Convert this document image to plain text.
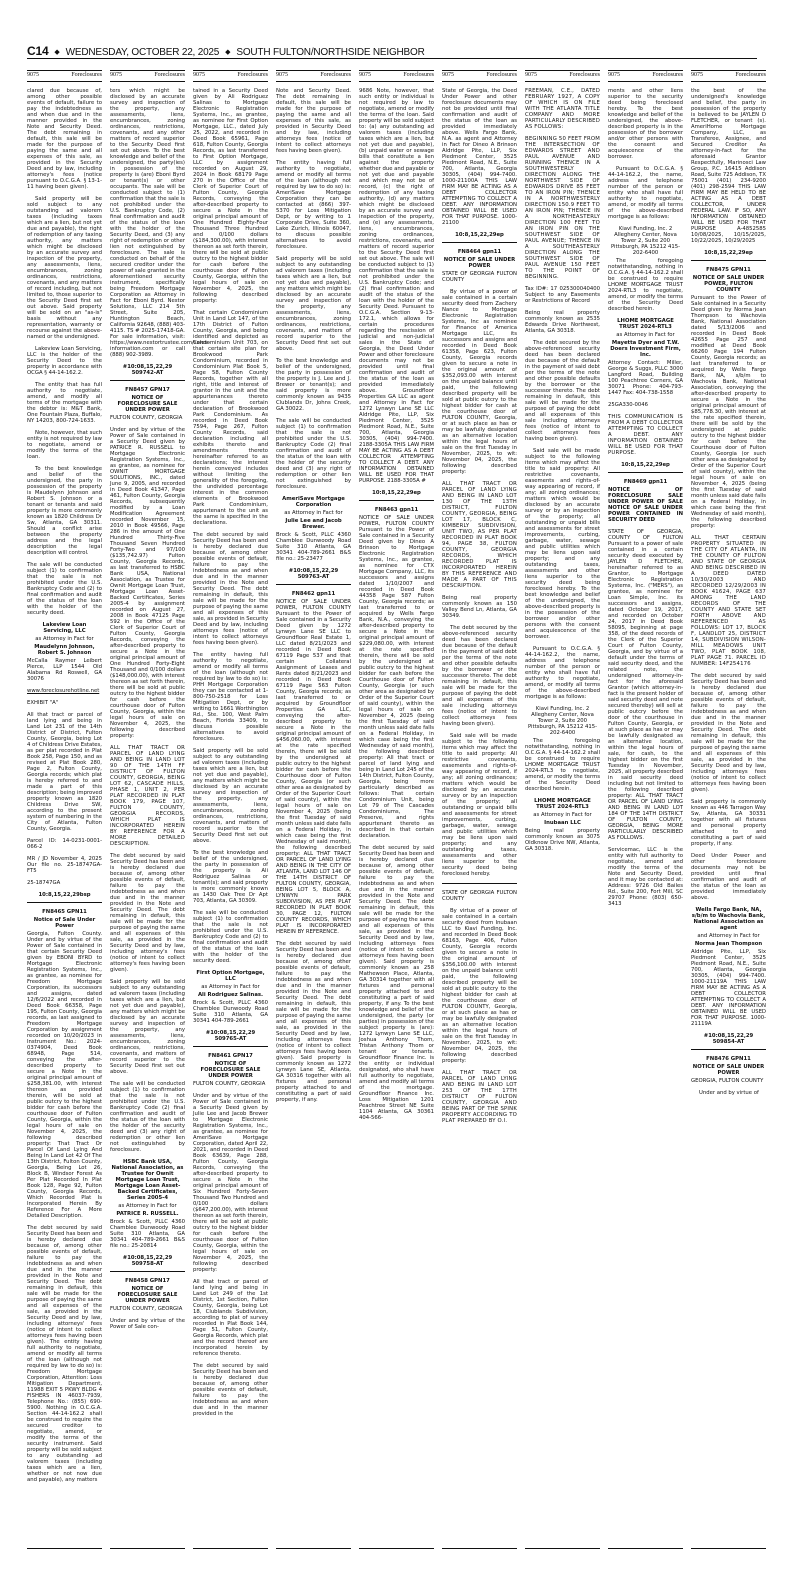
C14 ◆ WEDNESDAY, OCTOBER 22, 2025 ◆ SOUTH FULTON/NORTHSIDE NEIGHBOR
9075	Foreclosures
clared due because of, among other possible events of default, failure to pay the indebtedness as and when due and in the manner provided in the Note and Security Deed. The debt remaining in default, this sale will be made for the purpose of paying the same and all expenses of this sale, as provided in the Security Deed and by law, including attorney's fees (notice pursuant to O.C.G.A. § 13-1-11 having been given).
Said property will be sold subject to any outstanding ad valorem taxes (including taxes which are a lien, but not yet due and payable), the right of redemption of any taxing authority, any matters which might be disclosed by an accurate survey and inspection of the property, any assessments, liens, encumbrances, zoning ordinances, restrictions, covenants, and any matters of record including, but not limited to, those superior to the Security Deed first set out above. Said property will be sold on an "as-is" basis without any representation, warranty or recourse against the above-named or the undersigned.
Lakeview Loan Servicing, LLC is the holder of the Security Deed to the property in accordance with OCGA § 44-14-162.2.
The entity that has full authority to negotiate, amend, and modify all terms of the mortgage with the debtor is: M&T Bank, One Fountain Plaza, Buffalo, NY 14203, 800-724-1633.
Note, however, that such entity is not required by law to negotiate, amend or modify the terms of the loan.
To the best knowledge and belief of the undersigned, the party in possession of the property is Maudelynn Johnson and Robert S. Johnson or a tenant or tenants and said property is more commonly known as 1820 Childress Dr Sw, Atlanta, GA 30311. Should a conflict arise between the property address and the legal description the legal description will control.
The sale will be conducted subject (1) to confirmation that the sale is not prohibited under the U.S. Bankruptcy Code and (2) to final confirmation and audit of the status of the loan with the holder of the security deed.
Lakeview Loan Servicing, LLC
as Attorney in Fact for
Maudelynn Johnson, Robert S. Johnson
McCalla Raymer Leibert Pierce, LLP 1544 Old Alabama Rd Roswell, GA 30076
www.foreclosurehotline.net
EXHIBIT "A"
All that tract or parcel of land lying and being in Land Lot 231 of the 14th District of District, Fulton County, Georgia, being Lot 4 of Childress Drive Estates, as per plat recorded in Plat Book 258, Page 150, and as revised at Plat Book 280, Page 2, Fulton County, Georgia records; which plat is hereby referred to and made a part of this description; being improved property known as 1820 Childress Drive SW, according to the present system of numbering in the City of Atlanta, Fulton County, Georgia.
Parcel ID: 14-0231-0001-066-2
MR / JD November 4, 2025 Our file no. 25-18747GA-FT5
25-18747GA
10:8,15,22,29bsp
FN8465 GPN11
Notice of Sale Under Power
Georgia, Fulton County. Under and by virtue of the Power of Sale contained in that certain Security Deed given by EBONI BYRD to Mortgage Electronic Registration Systems, Inc., as grantee, as nominee for Freedom Mortgage Corporation, its successors and assigns, dated 12/6/2022 and recorded in Deed Book 66358, Page 195, Fulton County, Georgia records, as last assigned to Freedom Mortgage Corporation by assignment recorded on 10/20/2023 in Instrument No.: 2024-0374904, Deed Book 68948, Page 514, conveying the after-described property to secure a Note in the original principal amount of $258,381.00, with interest thereon as provided therein, will be sold at public outcry to the highest bidder for cash before the courthouse door of Fulton County, Georgia, within the legal hours of sale on November 4, 2025, the following described property: That Tract Or Parcel Of Land Lying And Being In Land Lot 42 Of The 13th District, Fulton County, Georgia, Being Lot 26, Block B, Windsor Forest As Per Plat Recorded In Plat Book 128, Page 92, Fulton County, Georgia Records, Which Recorded Plat Is Incorporated Herein By Reference For A More Detailed Description.
The debt secured by said Security Deed has been and is hereby declared due because of, among other possible events of default, failure to pay the indebtedness as and when due and in the manner provided in the Note and Security Deed. The debt remaining in default, this sale will be made for the purpose of paying the same and all expenses of the sale, as provided in the Security Deed and by law, including attorneys' fees (notice of intent to collect attorneys fees having been given). The entity having full authority to negotiate, amend or modify all terms of the loan (although not required by law to do so) is: Freedom Mortgage Corporation, Attention: Loss Mitigation Department, 11988 EXIT 5 PKWY BLDG 4 FISHERS IN 46037-7939, Telephone No.: (855) 690-5900. Nothing in O.C.G.A. Section 44-14-162.2 shall be construed to require the secured creditor to negotiate, amend, or modify the terms of the security instrument. Said property will be sold subject to any outstanding ad valorem taxes (including taxes which are a lien, whether or not now due and payable), any matters
9075	Foreclosures
ters which might be disclosed by an accurate survey and inspection of the property, any assessments, liens, encumbrances, zoning ordinances, restrictions, covenants, and any other matters of record superior to the Security Deed first set out above. To the best knowledge and belief of the undersigned, the party(ies) in possession of the property is (are) Eboni Byrd or tenant(s) or other occupants. The sale will be conducted subject to (1) confirmation that the sale is not prohibited under the U.S. Bankruptcy Code, (2) final confirmation and audit of the status of the loan with the holder of the Security Deed, and (3) any right of redemption or other lien not extinguished by foreclosure. The sale is conducted on behalf of the secured creditor under the power of sale granted in the aforementioned security instrument, specifically being Freedom Mortgage Corporation as Attorney in Fact for Eboni Byrd. Nestor Solutions, LLC 214 5th Street, Suite 205, Huntington Beach, California 92648, (888) 403-4115. TS # 2025-17418-GA. For sale information, visit: https://www.nestortrustee.com/sales-information.com or call (888) 902-3989.
#10:08,15,22,29 509742-AT
FN8457 GPN17
NOTICE OF FORECLOSURE SALE UNDER POWER
FULTON COUNTY, GEORGIA
Under and by virtue of the Power of Sale contained in a Security Deed given by PATRICE R. RUSSELL to Mortgage Electronic Registration Systems, Inc., as grantee, as nominee for OWNIT MORTGAGE SOLUTIONS, INC., dated June 9, 2005, and recorded in Deed Book 41347, Page 461, Fulton County, Georgia Records, subsequently modified by a Loan Modification Agreement recorded November 15, 2010 in Book 49566, Page 286 in the amount of One Hundred Thirty-Five Thousand Seven Hundred Forty-Two and 97/100 ($135,742.97) Fulton County, Georgia Records, as last transferred to HSBC Bank USA, National Association, as Trustee for Ownit Mortgage Loan Trust, Mortgage Loan Asset-Backed Certificates, Series 2005-4 by assignment recorded on August 27, 2008 in Book 47125 Page 592 in the Office of the Clerk of Superior Court of Fulton County, Georgia Records, conveying the after-described property to secure a Note in the original principal amount of One Hundred Forty-Eight Thousand and 0/100 dollars ($148,000.00), with interest thereon as set forth therein, there will be sold at public outcry to the highest bidder for cash before the courthouse door of Fulton County, Georgia, within the legal hours of sale on November 4, 2025, the following described property:
ALL THAT TRACT OR PARCEL OF LAND LYING AND BEING IN LAND LOT 90 OF THE 14TH FF DISTRICT OF FULTON COUNTY, GEORGIA, BEING LOT 62, CASCADE HILLS, PHASE 1, UNIT 2, PER PLAT RECORDED IN PLAT BOOK 179, PAGE 107, FULTON COUNTY, GEORGIA RECORDS, WHICH PLAT IS INCORPORATED HEREIN BY REFERENCE FOR A MORE DETAILED DESCRIPTION.
The debt secured by said Security Deed has been and is hereby declared due because of, among other possible events of default, failure to pay the indebtedness as and when due and in the manner provided in the Note and Security Deed. The debt remaining in default, this sale will be made for the purpose of paying the same and all expenses of this sale, as provided in the Security Deed and by law, including attorney's fees (notice of intent to collect attorney's fees having been given).
Said property will be sold subject to any outstanding ad valorem taxes (including taxes which are a lien, but not yet due and payable), any matters which might be disclosed by an accurate survey and inspection of the property, any assessments, liens, encumbrances, zoning ordinances, restrictions, covenants, and matters of record superior to the Security Deed first set out above.
The sale will be conducted subject (1) to confirmation that the sale is not prohibited under the U.S. Bankruptcy Code (2) final confirmation and audit of the status of the loan with the holder of the security deed and (3) any right of redemption or other lien not extinguished by foreclosure.
HSBC Bank USA, National Association, as Trustee for Ownit Mortgage Loan Trust, Mortgage Loan Asset-Backed Certificates, Series 2005-4
as Attorney in Fact for
PATRICE R. RUSSELL.
Brock & Scott, PLLC 4360 Chamblee Dunwoody Road Suite 310 Atlanta, GA 30341 404-789-2661 B&S file no.: 25-20814
#10:08,15,22,29 509758-AT
FN8458 GPN17
NOTICE OF FORECLOSURE SALE UNDER POWER
FULTON COUNTY, GEORGIA
Under and by virtue of the Power of Sale con-
9075	Foreclosures
tained in a Security Deed given by Ali Rodriguez Salinas to Mortgage Electronic Registration Systems, Inc., as grantee, as nominee for First Option Mortgage, LLC., dated July 25, 2022, and recorded in Deed Book 65961, Page 618, Fulton County, Georgia Records, as last transferred to First Option Mortgage, LLC by assignment recorded on August 29, 2024 in Book 68179 Page 270 in the Office of the Clerk of Superior Court of Fulton County, Georgia Records, conveying the after-described property to secure a Note in the original principal amount of One Hundred Eighty-Four Thousand Three Hundred and 0/100 dollars ($184,300.00), with interest thereon as set forth therein, there will be sold at public outcry to the highest bidder for cash before the courthouse door of Fulton County, Georgia, within the legal hours of sale on November 4, 2025, the following described property:
That certain Condominium Unit in Land Lot 147, of the 17th District of Fulton County, Georgia, and being identified and depicted as Condominium Unit 703, on that certain site plan for Brookwood Park Condominium, recorded in Condominium Plat Book 5, Page 58, Fulton County Records, together with all right, title and interest of grantor in the unit and the appurtenances thereto under that certain declaration of Brookwood Park Condominium. As recorded in Deed Book 7594, Page 267, Fulton County Records, said declaration including all exhibits thereto and amendments thereto hereinafter referred to as declarations; the interest herein conveyed includes without limiting the generality of the foregoing, the undivided percentage interest in the common elements of Brookwood Park Condominium, appurtenant to the unit as the same is specified in the declarations.
The debt secured by said Security Deed has been and is hereby declared due because of, among other possible events of default, failure to pay the indebtedness as and when due and in the manner provided in the Note and Security Deed. The debt remaining in default, this sale will be made for the purpose of paying the same and all expenses of this sale, as provided in Security Deed and by law, including attorneys fees (notice of intent to collect attorneys fees having been given).
The entity having full authority to negotiate, amend or modify all terms of the loan (although not required by law to do so) is: PHH Mortgage Corporation they can be contacted at 1-800-750-2518 for Loss Mitigation Dept, or by writing to 1661 Worthington Rd., Ste. 100, West Palm Beach, Florida 33409, to discuss possible alternatives to avoid foreclosure.
Said property will be sold subject to any outstanding ad valorem taxes (including taxes which are a lien, but not yet due and payable), any matters which might be disclosed by an accurate survey and inspection of the property, any assessments, liens, encumbrances, zoning ordinances, restrictions, covenants, and matters of record superior to the Security Deed first set out above.
To the best knowledge and belief of the undersigned, the party in possession of the property is Ali Rodriguez Salinas or tenant(s); and said property is more commonly known as 1430 Oak Tree Dr Apt 703, Atlanta, GA 30309.
The sale will be conducted subject (1) to confirmation that the sale is not prohibited under the U.S. Bankruptcy Code and (2) to final confirmation and audit of the status of the loan with the holder of the security deed.
First Option Mortgage, LLC
as Attorney in Fact for
Ali Rodriguez Salinas.
Brock & Scott, PLLC 4360 Chamblee Dunwoody Road Suite 310 Atlanta, GA 30341 404-789-2661
#10:08,15,22,29 509765-AT
FN8461 GPN17
NOTICE OF FORECLOSURE SALE UNDER POWER
FULTON COUNTY, GEORGIA
Under and by virtue of the Power of Sale contained in a Security Deed given by Julie Lee and Jacob Brewer to Mortgage Electronic Registration Systems, Inc., as grantee, as nominee for AmeriSave Mortgage Corporation, dated April 22, 2021, and recorded in Deed Book 63639, Page 288, Fulton County, Georgia Records, conveying the after-described property to secure a Note in the original principal amount of Six Hundred Forty-Seven Thousand Two Hundred and 0/100 dollars ($647,200.00), with interest thereon as set forth therein, there will be sold at public outcry to the highest bidder for cash before the courthouse door of Fulton County, Georgia, within the legal hours of sale on November 4, 2025, the following described property:
All that tract or parcel of land lying and being in Land Lot 249 of the 1st District, 1st Section, Fulton County, Georgia, being Lot 18, Clublands Subdivision, according to plat of survey recorded in Plat Book 144, Page 51, Fulton County, Georgia Records, which plat and the record thereof are incorporated herein by reference thereto.
The debt secured by said Security Deed has been and is hereby declared due because of, among other possible events of default, failure to pay the indebtedness as and when due and in the manner provided in the
9075	Foreclosures
Note and Security Deed. The debt remaining in default, this sale will be made for the purpose of paying the same and all expenses of this sale, as provided in Security Deed and by law, including attorneys fees (notice of intent to collect attorneys fees having been given).
The entity having full authority to negotiate, amend or modify all terms of the loan (although not required by law to do so) is: AmeriSave Mortgage Corporation they can be contacted at (866) 397-5370 for Loss Mitigation Dept, or by writing to 1 Corporate Drive, Suite 360, Lake Zurich, Illinois 60047, to discuss possible alternatives to avoid foreclosure.
Said property will be sold subject to any outstanding ad valorem taxes (including taxes which are a lien, but not yet due and payable), any matters which might be disclosed by an accurate survey and inspection of the property, any assessments, liens, encumbrances, zoning ordinances, restrictions, covenants, and matters of record superior to the Security Deed first set out above.
To the best knowledge and belief of the undersigned, the party in possession of the property is J. Lee and J. Brewer or tenant(s); and said property is more commonly known as 9435 Clublands Dr, Johns Creek, GA 30022.
The sale will be conducted subject (1) to confirmation that the sale is not prohibited under the U.S. Bankruptcy Code (2) final confirmation and audit of the status of the loan with the holder of the security deed and (3) any right of redemption or other lien not extinguished by foreclosure.
AmeriSave Mortgage Corporation
as Attorney in Fact for
Julie Lee and Jacob Brewer.
Brock & Scott, PLLC 4360 Chamblee Dunwoody Road Suite 310 Atlanta, GA 30341 404-789-2661 B&S file no.: 25-23477
#10:08,15,22,29 509763-AT
FN8462 gpn11
NOTICE OF SALE UNDER POWER, FULTON COUNTY Pursuant to the Power of Sale contained in a Security Deed given by 1272 Lynwyn Lane SE LLC to Groundfloor Real Estate 1, LLC dated 8/21/2023 and recorded in Deed Book 67119 Page 537 and that certain Collateral Assignment of Leases and Rents dated 8/21/2023 and recorded in Deed Book 67119 Page 563 Fulton County, Georgia records; as last transferred to or acquired by Groundfloor Properties GA LLC, conveying the after-described property to secure a Note in the original principal amount of $456,060.00, with interest at the rate specified therein, there will be sold by the undersigned at public outcry to the highest bidder for cash before the Courthouse door of Fulton County, Georgia (or such other area as designated by Order of the Superior Court of said county), within the legal hours of sale on November 4, 2025 (being the first Tuesday of said month unless said date falls on a Federal Holiday, in which case being the first Wednesday of said month), the following described property: ALL THAT TRACT OR PARCEL OF LAND LYING AND BEING IN THE CITY OF ATLANTA, LAND LOT 146 OF THE 14TH DISTRICT OF FULTON COUNTY, GEORGIA, BEING LOT 5, BLOCK A, LYNWYN PARK SUBDIVISION, AS PER PLAT RECORDED IN PLAT BOOK 30, PAGE 12, FULTON COUNTY RECORDS, WHICH PLAT IS INCORPORATED HEREIN BY REFERENCE.
The debt secured by said Security Deed has been and is hereby declared due because of, among other possible events of default, failure to pay the indebtedness as and when due and in the manner provided in the Note and Security Deed. The debt remaining in default, this sale will be made for the purpose of paying the same and all expenses of this sale, as provided in the Security Deed and by law, including attorneys fees (notice of intent to collect attorneys fees having been given). Said property is commonly known as 1272 Lynwyn Lane SE, Atlanta, GA 30316 together with all fixtures and personal property attached to and constituting a part of said property, if any.
9075	Foreclosures
9686 Note, however, that such entity or individual is not required by law to negotiate, amend or modify the terms of the loan. Said property will be sold subject to: (a) any outstanding ad valorem taxes (including taxes which are a lien, but not yet due and payable), (b) unpaid water or sewage bills that constitute a lien against the property whether due and payable or not yet due and payable and which may not be of record, (c) the right of redemption of any taxing authority, (d) any matters which might be disclosed by an accurate survey and inspection of the property, and (e) any assessments, liens, encumbrances, zoning ordinances, restrictions, covenants, and matters of record superior to the Security Deed first set out above. The sale will be conducted subject to (1) confirmation that the sale is not prohibited under the U.S. Bankruptcy Code; and (2) final confirmation and audit of the status of the loan with the holder of the Security Deed. Pursuant to O.C.G.A. Section 9-13-172.1, which allows for certain procedures regarding the rescission of judicial and non-judicial sales in the State of Georgia, the Deed Under Power and other foreclosure documents may not be provided until final confirmation and audit of the status of the loan as provided immediately above. Groundfloor Properties GA LLC as agent and Attorney in Fact for 1272 Lynwyn Lane SE LLC Aldridge Pite, LLP, Six Piedmont Center, 3525 Piedmont Road, N.E., Suite 700, Atlanta, Georgia 30305, (404) 994-7400. 2188-3305A THIS LAW FIRM MAY BE ACTING AS A DEBT COLLECTOR ATTEMPTING TO COLLECT A DEBT. ANY INFORMATION OBTAINED WILL BE USED FOR THAT PURPOSE. 2188-3305A #
10:8,15,22,29ep
FN8463 gpn11
NOTICE OF SALE UNDER POWER, FULTON COUNTY Pursuant to the Power of Sale contained in a Security Deed given by Dineo A Brinson to Mortgage Electronic Registration Systems, Inc., as grantee, as nominee for CTX Mortgage Company, LLC, its successors and assigns dated 1/10/2007 and recorded in Deed Book 44358 Page 587 Fulton County, Georgia records; as last transferred to or acquired by Wells Fargo Bank, N.A., conveying the after-described property to secure a Note in the original principal amount of $229,080.00, with interest at the rate specified therein, there will be sold by the undersigned at public outcry to the highest bidder for cash before the Courthouse door of Fulton County, Georgia (or such other area as designated by Order of the Superior Court of said county), within the legal hours of sale on November 4, 2025 (being the first Tuesday of said month unless said date falls on a Federal Holiday, in which case being the first Wednesday of said month), the following described property: All that tract or parcel of land lying and being in Land Lot 245 of the 14th District, Fulton County, Georgia, being more particularly described as follows: That certain Condominium Unit, being Lot 79 of The Cascades Condominiums, The Preserve, and rights appurtenant thereto as described in that certain declaration.
The debt secured by said Security Deed has been and is hereby declared due because of, among other possible events of default, failure to pay the indebtedness as and when due and in the manner provided in the Note and Security Deed. The debt remaining in default, this sale will be made for the purpose of paying the same and all expenses of this sale, as provided in the Security Deed and by law, including attorneys fees (notice of intent to collect attorneys fees having been given). Said property is commonly known as 258 Mathewson Place, Atlanta, GA 30314 together with all fixtures and personal property attached to and constituting a part of said property, if any. To the best knowledge and belief of the undersigned, the party (or parties) in possession of the subject property is (are): 1272 Lynwyn Lane SE LLC, Joshua Anthony Thom, Tristan Anthony Thom or tenant or tenants. Groundfloor Finance Inc. is the entity or individual designated, who shall have full authority to negotiate, amend and modify all terms of the mortgage. Groundfloor Finance Inc. Loss Mitigation 1201 Peachtree Street NE Suite 1104 Atlanta, GA 30361 404-566-
9075	Foreclosures
State of Georgia, the Deed Under Power and other foreclosure documents may not be provided until final confirmation and audit of the status of the loan as provided immediately above. Wells Fargo Bank, N.A. as agent and Attorney in Fact for Dineo A Brinson Aldridge Pite, LLP, Six Piedmont Center, 3525 Piedmont Road, N.E., Suite 700, Atlanta, Georgia 30305, (404) 994-7400. 1000-21100A THIS LAW FIRM MAY BE ACTING AS A DEBT COLLECTOR ATTEMPTING TO COLLECT A DEBT. ANY INFORMATION OBTAINED WILL BE USED FOR THAT PURPOSE. 1000-21100
10:8,15,22,29ep
FN8464 gpn11
NOTICE OF SALE UNDER POWER
STATE OF GEORGIA FULTON COUNTY
By virtue of a power of sale contained in a certain security deed from Zachery Nance to Mortgage Electronic Registration Systems, Inc as nominee for Finance of America Mortgage LLC, its successors and assigns and recorded in Deed Book 61358, Page 623, Fulton County, Georgia records given to secure a note in the original amount of $352,093.00 with interest on the unpaid balance until paid, the following described property will be sold at public outcry to the highest bidder for cash at the courthouse door of FULTON COUNTY, Georgia, or at such place as has or may be lawfully designated as an alternative location within the legal hours of sale on the first Tuesday in November, 2025, to wit: November 04, 2025, the following described property:
ALL THAT TRACT OR PARCEL OF LAND LYING AND BEING IN LAND LOT 130 OF THE 13TH DISTRICT, FULTON COUNTY, GEORGIA, BEING LOT 17, BLOCK C, KIMBERLY SUBDIVISION, UNIT TWO, AS PER PLAT RECORDED IN PLAT BOOK 94, PAGE 38, FULTON COUNTY, GEORGIA RECORDS, WHICH RECORDED PLAT IS INCORPORATED HEREIN BY THIS REFERENCE AND MADE A PART OF THIS DESCRIPTION.
Being real property commonly known as 150 Valley Bend Ln, Atlanta, GA 30349.
The debt secured by the above-referenced security deed has been declared due because of the default in the payment of said debt per the terms of the note and other possible defaults by the borrower or the successor thereto. The debt remaining in default, this sale will be made for the purpose of paying the debt and all expenses of this sale including attorneys fees (notice of intent to collect attorneys fees having been given).
Said sale will be made subject to the following items which may affect the title to said property: All restrictive covenants, easements and rights-of-way appearing of record, if any; all zoning ordinances; matters which would be disclosed by an accurate survey or by an inspection of the property; all outstanding or unpaid bills and assessments for street improvements, curbing, garbage, water, sewage and public utilities which may be liens upon said property; and any outstanding taxes, assessments and other liens superior to the security deed being foreclosed hereby.
STATE OF GEORGIA FULTON COUNTY
By virtue of a power of sale contained in a certain security deed from Inubaan LLC to Kiavi Funding, Inc. and recorded in Deed Book 68163, Page 406, Fulton County, Georgia records given to secure a note in the original amount of $356,100.00 with interest on the unpaid balance until paid, the following described property will be sold at public outcry to the highest bidder for cash at the courthouse door of FULTON COUNTY, Georgia, or at such place as has or may be lawfully designated as an alternative location within the legal hours of sale on the first Tuesday in November, 2025, to wit: November 04, 2025, the following described property:
ALL THAT TRACT OR PARCEL OF LAND LYING AND BEING IN LAND LOT 253 OF THE 17TH DISTRICT OF FULTON COUNTY, GEORGIA AND BEING PART OF THE SPINK PROPERTY ACCORDING TO PLAT PREPARED BY O.I.
9075	Foreclosures
FREEMAN, C.E., DATED FEBRUARY 1927, A COPY OF WHICH IS ON FILE WITH THE ATLANTA TITLE COMPANY AND MORE PARTICULARLY DESCRIBED AS FOLLOWS:
BEGINNING 50 FEET FROM THE INTERSECTION OF EDWARDS STREET AND PAUL AVENUE AND RUNNING THENCE IN A SOUTHWESTERLY DIRECTION ALONG THE NORTHWEST SIDE OF EDWARDS DRIVE 85 FEET TO AN IRON PIN; THENCE IN A NORTHWESTERLY DIRECTION 150.9 FEET TO AN IRON PIN; THENCE IN A NORTHEASTERLY DIRECTION 100 FEET TO AN IRON PIN ON THE SOUTHWEST SIDE OF PAUL AVENUE; THENCE IN A SOUTHEASTERLY DIRECTION ALONG THE SOUTHWEST SIDE OF PAUL AVENUE 150 FEET TO THE POINT OF BEGINNING.
Tax ID#: 17 025300040400 Subject to any Easements or Restrictions of Record
Being real property commonly known as 2535 Edwards Drive Northwest, Atlanta, GA 30318.
The debt secured by the above-referenced security deed has been declared due because of the default in the payment of said debt per the terms of the note and other possible defaults by the borrower or the successor thereto. The debt remaining in default, this sale will be made for the purpose of paying the debt and all expenses of this sale including attorneys fees (notice of intent to collect attorneys fees having been given).
Said sale will be made subject to the following items which may affect the title to said property: All restrictive covenants, easements and rights-of-way appearing of record, if any; all zoning ordinances; matters which would be disclosed by an accurate survey or by an inspection of the property; all outstanding or unpaid bills and assessments for street improvements, curbing, garbage, water, sewage and public utilities which may be liens upon said property; and any outstanding taxes, assessments and other liens superior to the security deed being foreclosed hereby. To the best knowledge and belief of the undersigned, the above-described property is in the possession of the borrower and/or other persons with the consent and acquiescence of the borrower.
Pursuant to O.C.G.A. § 44-14-162.2, the name, address and telephone number of the person or entity who shall have full authority to negotiate, amend, or modify all terms of the above-described mortgage is as follows:
Kiavi Funding, Inc. 2 Allegheny Center, Nova Tower 2, Suite 200 Pittsburgh, PA 15212 415-202-6400
The foregoing notwithstanding, nothing in O.C.G.A. § 44-14-162.2 shall be construed to require LHOME MORTGAGE TRUST 2024-RTL3 to negotiate, amend, or modify the terms of the Security Deed described herein.
LHOME MORTGAGE TRUST 2024-RTL3
as Attorney in Fact for
Inubaan LLC
Being real property commonly known as 3075 Oldknow Drive NW, Atlanta, GA 30318.
9075	Foreclosures
ments and other liens superior to the security deed being foreclosed hereby. To the best knowledge and belief of the undersigned, the above-described property is in the possession of the borrower and/or other persons with the consent and acquiescence of the borrower.
Pursuant to O.C.G.A. § 44-14-162.2, the name, address and telephone number of the person or entity who shall have full authority to negotiate, amend, or modify all terms of the above-described mortgage is as follows:
Kiavi Funding, Inc. 2 Allegheny Center, Nova Tower 2, Suite 200 Pittsburgh, PA 15212 415-202-6400
The foregoing notwithstanding, nothing in O.C.G.A. § 44-14-162.2 shall be construed to require LHOME MORTGAGE TRUST 2024-RTL3 to negotiate, amend, or modify the terms of the Security Deed described herein.
LHOME MORTGAGE TRUST 2024-RTL3
as Attorney in Fact for
Mayetta Dyer and T.W. Doers Investment Firm, Inc.
Attorney Contact: Miller, George & Suggs, PLLC 3000 Langford Road, Building 100 Peachtree Corners, GA 30071 Phone: 404-793-1447 Fax: 404-738-1558
25GA330-0046
THIS COMMUNICATION IS FROM A DEBT COLLECTOR ATTEMPTING TO COLLECT A DEBT. ANY INFORMATION OBTAINED WILL BE USED FOR THAT PURPOSE.
10:8,15,22,29ep
FN8469 gpn11
NOTICE OF FORECLOSURE SALE UNDER POWER OF SALE NOTICE OF SALE UNDER POWER CONTAINED IN SECURITY DEED
STATE OF GEORGIA, COUNTY OF FULTON Pursuant to a power of sale contained in a certain security deed executed by JAYLEN D FLETCHER, hereinafter referred to as Grantor, to Mortgage Electronic Registration Systems, Inc. ("MERS"), as grantee, as nominee for Loan Simple, Inc. its successors and assigns, dated October 19, 2017, and recorded on October 24, 2017 in Deed Book 58095, beginning at page 358, of the deed records of the Clerk of the Superior Court of Fulton County, Georgia, and by virtue of a default under the terms of said security deed, and the related note, the undersigned attorney-in-fact for the aforesaid Grantor (which attorney-in-fact is the present holder of said security deed and note secured thereby) will sell at public outcry before the door of the courthouse in Fulton County, Georgia, or at such place as has or may be lawfully designated as an alternative location, within the legal hours of sale, for cash, to the highest bidder on the first Tuesday in November, 2025, all property described in said security deed including but not limited to the following described property: ALL THAT TRACT OR PARCEL OF LAND LYING AND BEING IN LAND LOT 184 OF THE 14TH DISTRICT OF FULTON COUNTY, GEORGIA, BEING MORE PARTICULARLY DESCRIBED AS FOLLOWS.
Servicemac, LLC is the entity with full authority to negotiate, amend and modify the terms of the Note and Security Deed, and it may be contacted at: Address: 9726 Old Bailes Rd., Suite 200, Fort Mill, SC 29707 Phone: (803) 650-3413
9075	Foreclosures
the best of the undersigned's knowledge and belief, the party in possession of the property is believed to be JAYLEN D FLETCHER, or tenant (s). AmeriHome Mortgage Company, LLC, as Transferee, Assignee, and Secured Creditor As attorney-in-fact for the aforesaid Grantor Respectfully, Marinosci Law Group, P.C. 16415 Addison Road, Suite 725 Addison, TX 75001 (401) 234-9200 (401) 298-2594 THIS LAW FIRM MAY BE HELD TO BE ACTING AS A DEBT COLLECTOR, UNDER FEDERAL LAW. IF SO, ANY INFORMATION OBTAINED WILL BE USED FOR THAT PURPOSE A-4852585 10/08/2025, 10/15/2025, 10/22/2025, 10/29/2025
10:8,15,22,29ep
FN8475 GPN11
NOTICE OF SALE UNDER POWER, FULTON COUNTY
Pursuant to the Power of Sale contained in a Security Deed given by Norma Jean Thompson to Wachovia Bank, National Association dated 5/13/2006 and recorded in Deed Book 42655 Page 257 and modified at Deed Book 66260 Page 194 Fulton County, Georgia records; as last transferred to or acquired by Wells Fargo Bank, NA, s/b/m to Wachovia Bank, National Association, conveying the after-described property to secure a Note in the original principal amount of $85,778.30, with interest at the rate specified therein, there will be sold by the undersigned at public outcry to the highest bidder for cash before the Courthouse door of Fulton County, Georgia (or such other area as designated by Order of the Superior Court of said county), within the legal hours of sale on November 4, 2025 (being the first Tuesday of said month unless said date falls on a Federal Holiday, in which case being the first Wednesday of said month), the following described property:
ALL THAT CERTAIN PROPERTY SITUATED IN THE CITY OF ATLANTA, IN THE COUNTY OF FULTON AND STATE OF GEORGIA AND BEING DESCRIBED IN A DEED DATED 10/30/2003 AND RECORDED 12/29/2003 IN BOOK 41624, PAGE 637 AMONG THE LAND RECORDS OF THE COUNTY AND STATE SET FORTH ABOVE AND REFERENCED AS FOLLOWS: LOT 17, BLOCK F, LANDLOT 25, DISTRICT 14, SUBDIVISION WILSON-MILL MEADOWS UNIT TWO, PLAT BOOK 108, PLAT PAGE 71. PARCEL ID NUMBER: 14F254176
The debt secured by said Security Deed has been and is hereby declared due because of, among other possible events of default, failure to pay the indebtedness as and when due and in the manner provided in the Note and Security Deed. The debt remaining in default, this sale will be made for the purpose of paying the same and all expenses of this sale, as provided in the Security Deed and by law, including attorneys fees (notice of intent to collect attorneys fees having been given).
Said property is commonly known as 446 Tarragon Way Sw, Atlanta, GA 30331 together with all fixtures and personal property attached to and constituting a part of said property, if any.
Deed Under Power and other foreclosure documents may not be provided until final confirmation and audit of the status of the loan as provided immediately above.
Wells Fargo Bank, NA, s/b/m to Wachovia Bank, National Association as agent
and Attorney in Fact for
Norma Jean Thompson
Aldridge Pite, LLP, Six Piedmont Center, 3525 Piedmont Road, N.E., Suite 700, Atlanta, Georgia 30305, (404) 994-7400. 1000-21119A THIS LAW FIRM MAY BE ACTING AS A DEBT COLLECTOR ATTEMPTING TO COLLECT A DEBT. ANY INFORMATION OBTAINED WILL BE USED FOR THAT PURPOSE. 1000-21119A
#10:08,15,22,29 509854-AT
FN8476 GPN11
NOTICE OF SALE UNDER POWER
GEORGIA, FULTON COUNTY
Under and by virtue of
